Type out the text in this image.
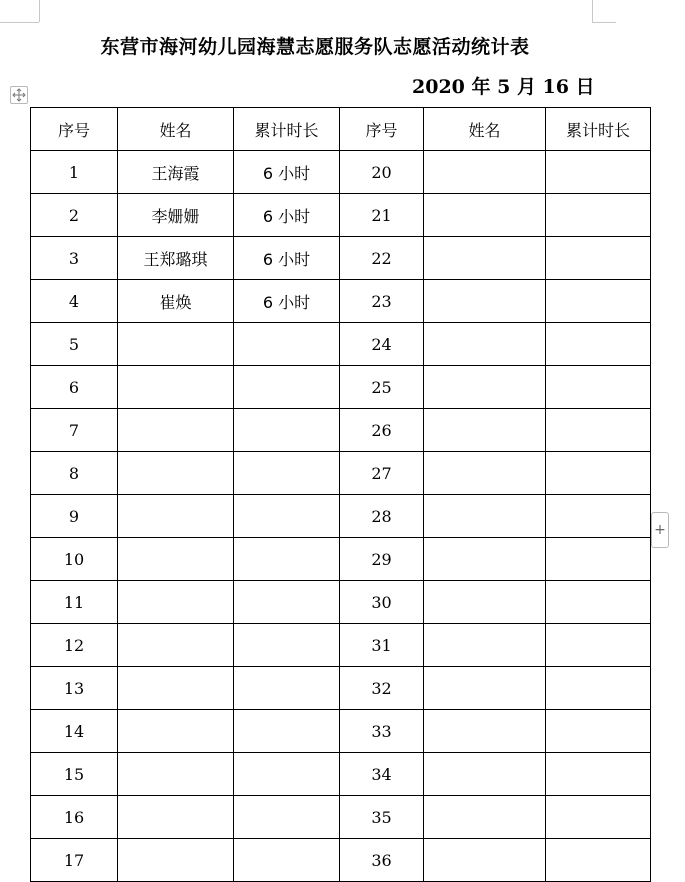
东营市海河幼儿园海慧志愿服务队志愿活动统计表
2020 年 5 月 16 日
+
序号	姓名	累计时长	序号	姓名	累计时长
1	王海霞	6 小时	20		
2	李姗姗	6 小时	21		
3	王郑璐琪	6 小时	22		
4	崔焕	6 小时	23		
5			24		
6			25		
7			26		
8			27		
9			28		
10			29		
11			30		
12			31		
13			32		
14			33		
15			34		
16			35		
17			36		
